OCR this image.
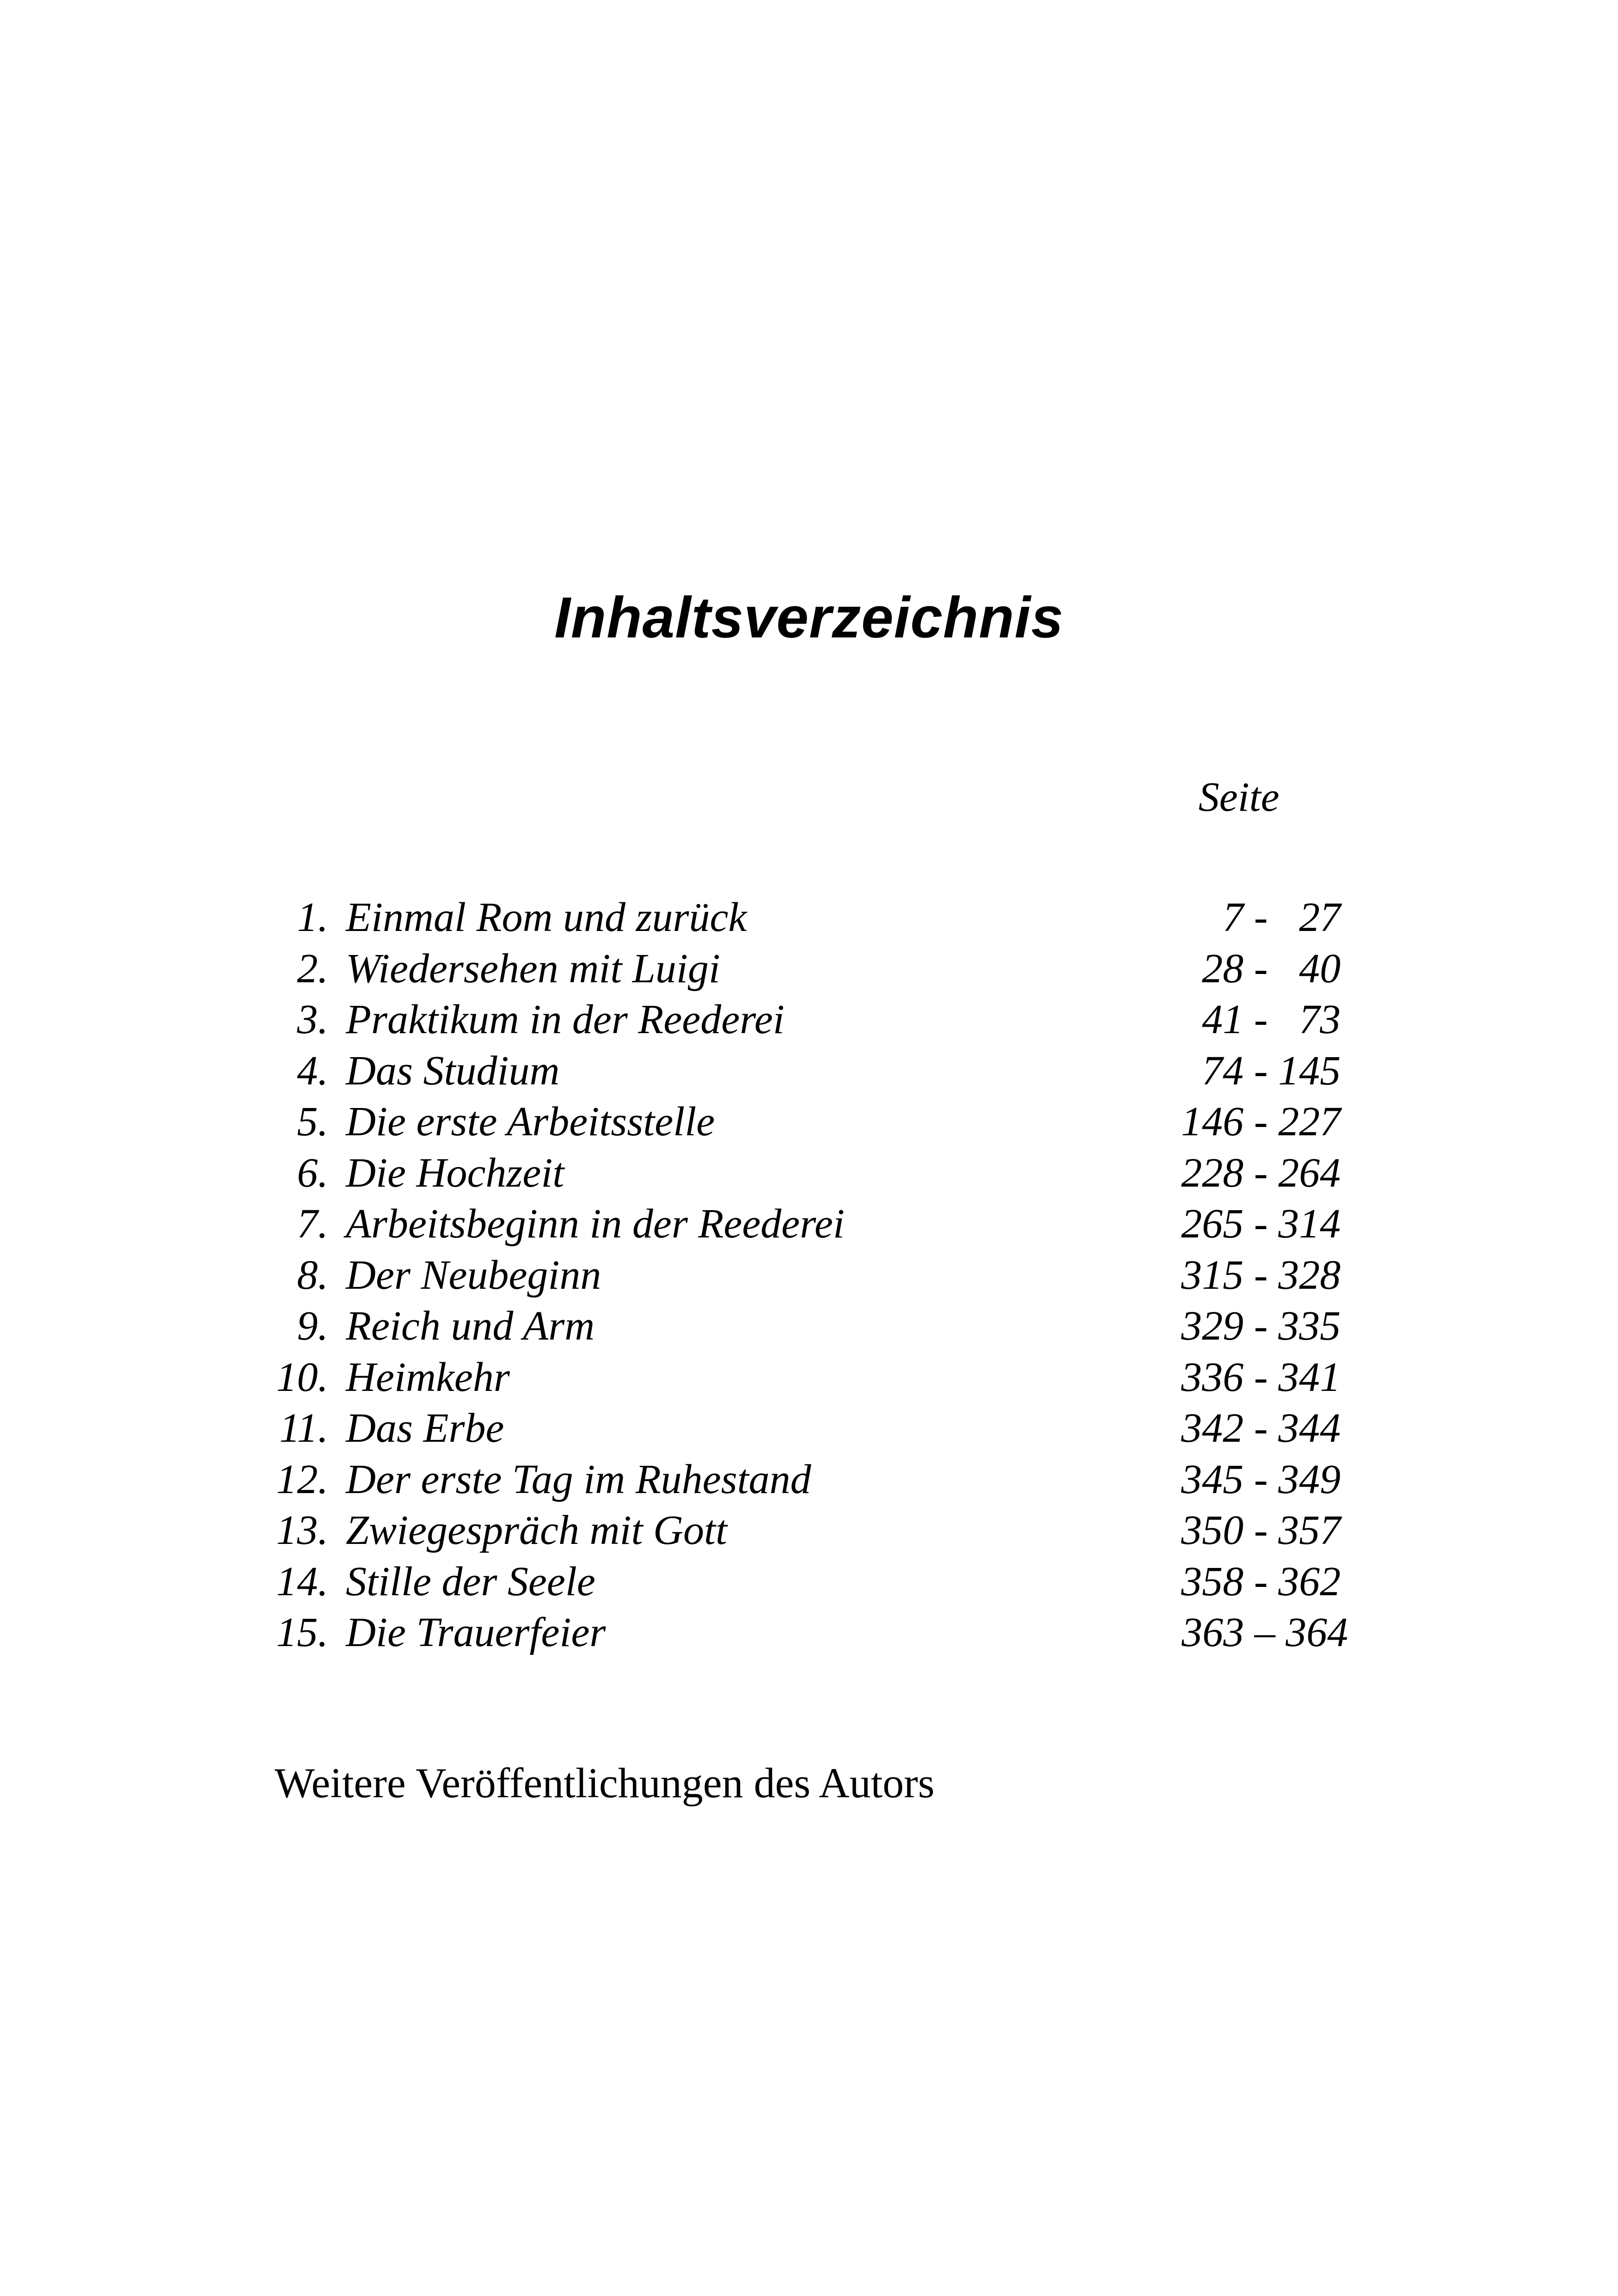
Inhaltsverzeichnis
Seite
1. Einmal Rom und zurück	7 -   27
2. Wiedersehen mit Luigi	28 -   40
3. Praktikum in der Reederei	41 -   73
4. Das Studium	74 - 145
5. Die erste Arbeitsstelle	146 - 227
6. Die Hochzeit	228 - 264
7. Arbeitsbeginn in der Reederei	265 - 314
8. Der Neubeginn	315 - 328
9. Reich und Arm	329 - 335
10. Heimkehr	336 - 341
11. Das Erbe	342 - 344
12. Der erste Tag im Ruhestand	345 - 349
13. Zwiegespräch mit Gott	350 - 357
14. Stille der Seele	358 - 362
15. Die Trauerfeier	363 – 364
Weitere Veröffentlichungen des Autors
